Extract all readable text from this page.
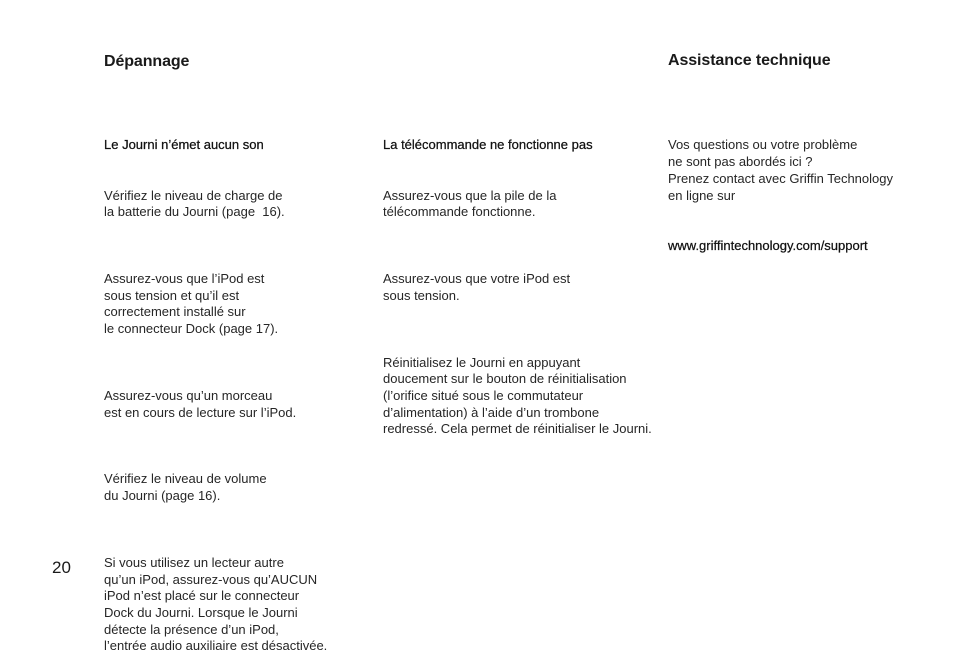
Dépannage	Assistance technique

Le Journi n’émet aucun son

Vérifiez le niveau de charge de
la batterie du Journi (page  16).

Assurez-vous que l’iPod est
sous tension et qu’il est
correctement installé sur
le connecteur Dock (page 17).

Assurez-vous qu’un morceau
est en cours de lecture sur l’iPod.

Vérifiez le niveau de volume
du Journi (page 16).

Si vous utilisez un lecteur autre
qu’un iPod, assurez-vous qu’AUCUN
iPod n’est placé sur le connecteur
Dock du Journi. Lorsque le Journi
détecte la présence d’un iPod,
l’entrée audio auxiliaire est désactivée.

La télécommande ne fonctionne pas

Assurez-vous que la pile de la
télécommande fonctionne.

Assurez-vous que votre iPod est
sous tension.

Réinitialisez le Journi en appuyant
doucement sur le bouton de réinitialisation
(l’orifice situé sous le commutateur
d’alimentation) à l’aide d’un trombone
redressé. Cela permet de réinitialiser le Journi.

Vos questions ou votre problème
ne sont pas abordés ici ?
Prenez contact avec Griffin Technology
en ligne sur

www.griffintechnology.com/support

20
